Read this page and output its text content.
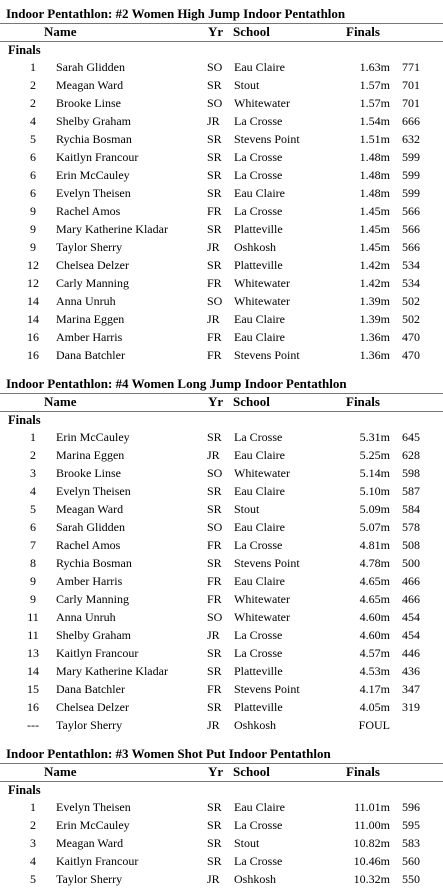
Indoor Pentathlon: #2 Women High Jump Indoor Pentathlon
Name	Yr School	Finals
Finals
1	Sarah Glidden	SO Eau Claire	1.63m	771
2	Meagan Ward	SR Stout	1.57m	701
2	Brooke Linse	SO Whitewater	1.57m	701
4	Shelby Graham	JR La Crosse	1.54m	666
5	Rychia Bosman	SR Stevens Point	1.51m	632
6	Kaitlyn Francour	SR La Crosse	1.48m	599
6	Erin McCauley	SR La Crosse	1.48m	599
6	Evelyn Theisen	SR Eau Claire	1.48m	599
9	Rachel Amos	FR La Crosse	1.45m	566
9	Mary Katherine Kladar	SR Platteville	1.45m	566
9	Taylor Sherry	JR Oshkosh	1.45m	566
12	Chelsea Delzer	SR Platteville	1.42m	534
12	Carly Manning	FR Whitewater	1.42m	534
14	Anna Unruh	SO Whitewater	1.39m	502
14	Marina Eggen	JR Eau Claire	1.39m	502
16	Amber Harris	FR Eau Claire	1.36m	470
16	Dana Batchler	FR Stevens Point	1.36m	470
Indoor Pentathlon: #4 Women Long Jump Indoor Pentathlon
Name	Yr School	Finals
Finals
1	Erin McCauley	SR La Crosse	5.31m	645
2	Marina Eggen	JR Eau Claire	5.25m	628
3	Brooke Linse	SO Whitewater	5.14m	598
4	Evelyn Theisen	SR Eau Claire	5.10m	587
5	Meagan Ward	SR Stout	5.09m	584
6	Sarah Glidden	SO Eau Claire	5.07m	578
7	Rachel Amos	FR La Crosse	4.81m	508
8	Rychia Bosman	SR Stevens Point	4.78m	500
9	Amber Harris	FR Eau Claire	4.65m	466
9	Carly Manning	FR Whitewater	4.65m	466
11	Anna Unruh	SO Whitewater	4.60m	454
11	Shelby Graham	JR La Crosse	4.60m	454
13	Kaitlyn Francour	SR La Crosse	4.57m	446
14	Mary Katherine Kladar	SR Platteville	4.53m	436
15	Dana Batchler	FR Stevens Point	4.17m	347
16	Chelsea Delzer	SR Platteville	4.05m	319
---	Taylor Sherry	JR Oshkosh	FOUL
Indoor Pentathlon: #3 Women Shot Put Indoor Pentathlon
Name	Yr School	Finals
Finals
1	Evelyn Theisen	SR Eau Claire	11.01m	596
2	Erin McCauley	SR La Crosse	11.00m	595
3	Meagan Ward	SR Stout	10.82m	583
4	Kaitlyn Francour	SR La Crosse	10.46m	560
5	Taylor Sherry	JR Oshkosh	10.32m	550
